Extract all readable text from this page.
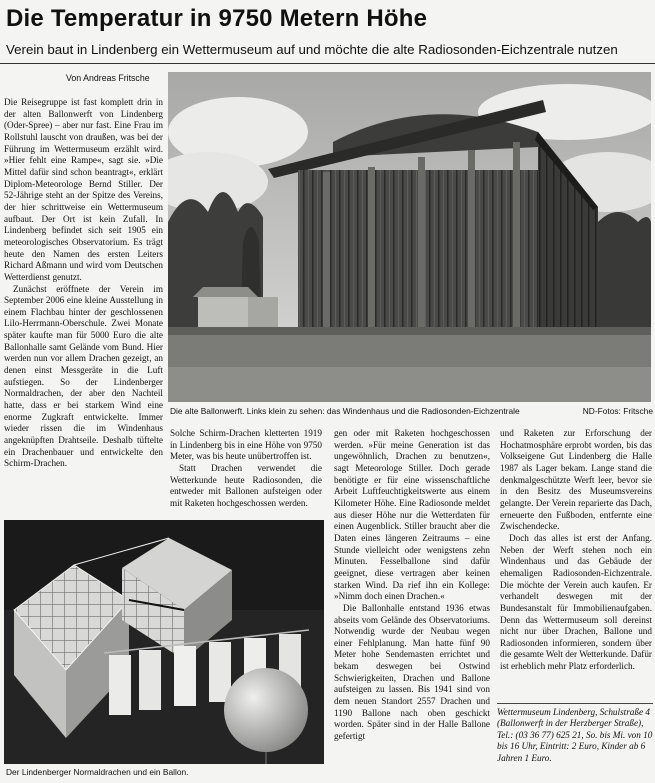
Die Temperatur in 9750 Metern Höhe
Verein baut in Lindenberg ein Wettermuseum auf und möchte die alte Radiosonden-Eichzentrale nutzen
Von Andreas Fritsche

Die Reisegruppe ist fast komplett drin in der alten Ballonwerft von Lindenberg (Oder-Spree) – aber nur fast. Eine Frau im Rollstuhl lauscht von draußen, was bei der Führung im Wettermuseum erzählt wird. »Hier fehlt eine Rampe«, sagt sie. »Die Mittel dafür sind schon beantragt«, erklärt Diplom-Meteorologe Bernd Stiller. Der 52-Jährige steht an der Spitze des Vereins, der hier schrittweise ein Wettermuseum aufbaut. Der Ort ist kein Zufall. In Lindenberg befindet sich seit 1905 ein meteorologisches Observatorium. Es trägt heute den Namen des ersten Leiters Richard Aßmann und wird vom Deutschen Wetterdienst genutzt.

Zunächst eröffnete der Verein im September 2006 eine kleine Ausstellung in einem Flachbau hinter der geschlossenen Lilo-Herrmann-Oberschule. Zwei Monate später kaufte man für 5000 Euro die alte Ballonhalle samt Gelände vom Bund. Hier werden nun vor allem Drachen gezeigt, an denen einst Messgeräte in die Luft aufstiegen. So der Lindenberger Normaldrachen, der aber den Nachteil hatte, dass er bei starkem Wind eine enorme Zugkraft entwickelte. Immer wieder rissen die im Windenhaus angeknüpften Drahtseile. Deshalb tüftelte ein Drachenbauer und entwickelte den Schirm-Drachen.

Die alte Ballonwerft. Links klein zu sehen: das Windenhaus und die Radiosonden-Eichzentrale	ND-Fotos: Fritsche

Solche Schirm-Drachen kletterten 1919 in Lindenberg bis in eine Höhe von 9750 Meter, was bis heute unübertroffen ist.

Statt Drachen verwendet die Wetterkunde heute Radiosonden, die entweder mit Ballonen aufsteigen oder mit Raketen hochgeschossen werden.

gen oder mit Raketen hochgeschossen werden. »Für meine Generation ist das ungewöhnlich, Drachen zu benutzen«, sagt Meteorologe Stiller. Doch gerade benötigte er für eine wissenschaftliche Arbeit Luftfeuchtigkeitswerte aus einem Kilometer Höhe. Eine Radiosonde meldet aus dieser Höhe nur die Wetterdaten für einen Augenblick. Stiller braucht aber die Daten eines längeren Zeitraums – eine Stunde vielleicht oder wenigstens zehn Minuten. Fesselballone sind dafür geeignet, diese vertragen aber keinen starken Wind. Da rief ihn ein Kollege: »Nimm doch einen Drachen.«

Die Ballonhalle entstand 1936 etwas abseits vom Gelände des Observatoriums. Notwendig wurde der Neubau wegen einer Fehlplanung. Man hatte fünf 90 Meter hohe Sendemasten errichtet und bekam deswegen bei Ostwind Schwierigkeiten, Drachen und Ballone aufsteigen zu lassen. Bis 1941 sind von dem neuen Standort 2557 Drachen und 1190 Ballone nach oben geschickt worden. Später sind in der Halle Ballone gefertigt

und Raketen zur Erforschung der Hochatmosphäre erprobt worden, bis das Volkseigene Gut Lindenberg die Halle 1987 als Lager bekam. Lange stand die denkmalgeschützte Werft leer, bevor sie in den Besitz des Museumsvereins gelangte. Der Verein reparierte das Dach, erneuerte den Fußboden, entfernte eine Zwischendecke.

Doch das alles ist erst der Anfang. Neben der Werft stehen noch ein Windenhaus und das Gebäude der ehemaligen Radiosonden-Eichzentrale. Die möchte der Verein auch kaufen. Er verhandelt deswegen mit der Bundesanstalt für Immobilienaufgaben. Denn das Wettermuseum soll dereinst nicht nur über Drachen, Ballone und Radiosonden informieren, sondern über die gesamte Welt der Wetterkunde. Dafür ist erheblich mehr Platz erforderlich.

Der Lindenberger Normaldrachen und ein Ballon.
Wettermuseum Lindenberg, Schulstraße 4 (Ballonwerft in der Herzberger Straße), Tel.: (03 36 77) 625 21, So. bis Mi. von 10 bis 16 Uhr, Eintritt: 2 Euro, Kinder ab 6 Jahren 1 Euro.
